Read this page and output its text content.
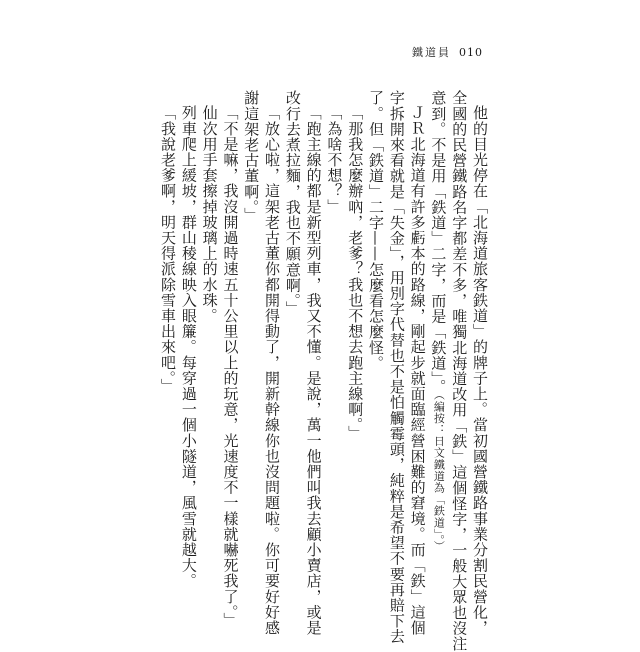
鐵道員 010

他的目光停在「北海道旅客鉄道」的牌子上。當初國營鐵路事業分割民營化，

全國的民營鐵路名字都差不多，唯獨北海道改用「鉄」這個怪字，一般大眾也沒注

意到。不是用「鉄道」二字，而是「鉄道」。（編按：日文鐵道為「鉄道」。）

ＪＲ北海道有許多虧本的路線，剛起步就面臨經營困難的窘境。而「鉄」這個

字拆開來看就是「失金」，用別字代替也不是怕觸霉頭，純粹是希望不要再賠下去

了。但「鉄道」二字——怎麼看怎麼怪。

「那我怎麼辦吶，老爹？我也不想去跑主線啊。」

「為啥不想？」

「跑主線的都是新型列車，我又不懂。是說，萬一他們叫我去顧小賣店，或是

改行去煮拉麵，我也不願意啊。」

「放心啦，這架老古董你都開得動了，開新幹線你也沒問題啦。你可要好好感

謝這架老古董啊。」

「不是嘛，我沒開過時速五十公里以上的玩意，光速度不一樣就嚇死我了。」

仙次用手套擦掉玻璃上的水珠。

列車爬上緩坡，群山稜線映入眼簾。每穿過一個小隧道，風雪就越大。

「我說老爹啊，明天得派除雪車出來吧。」
